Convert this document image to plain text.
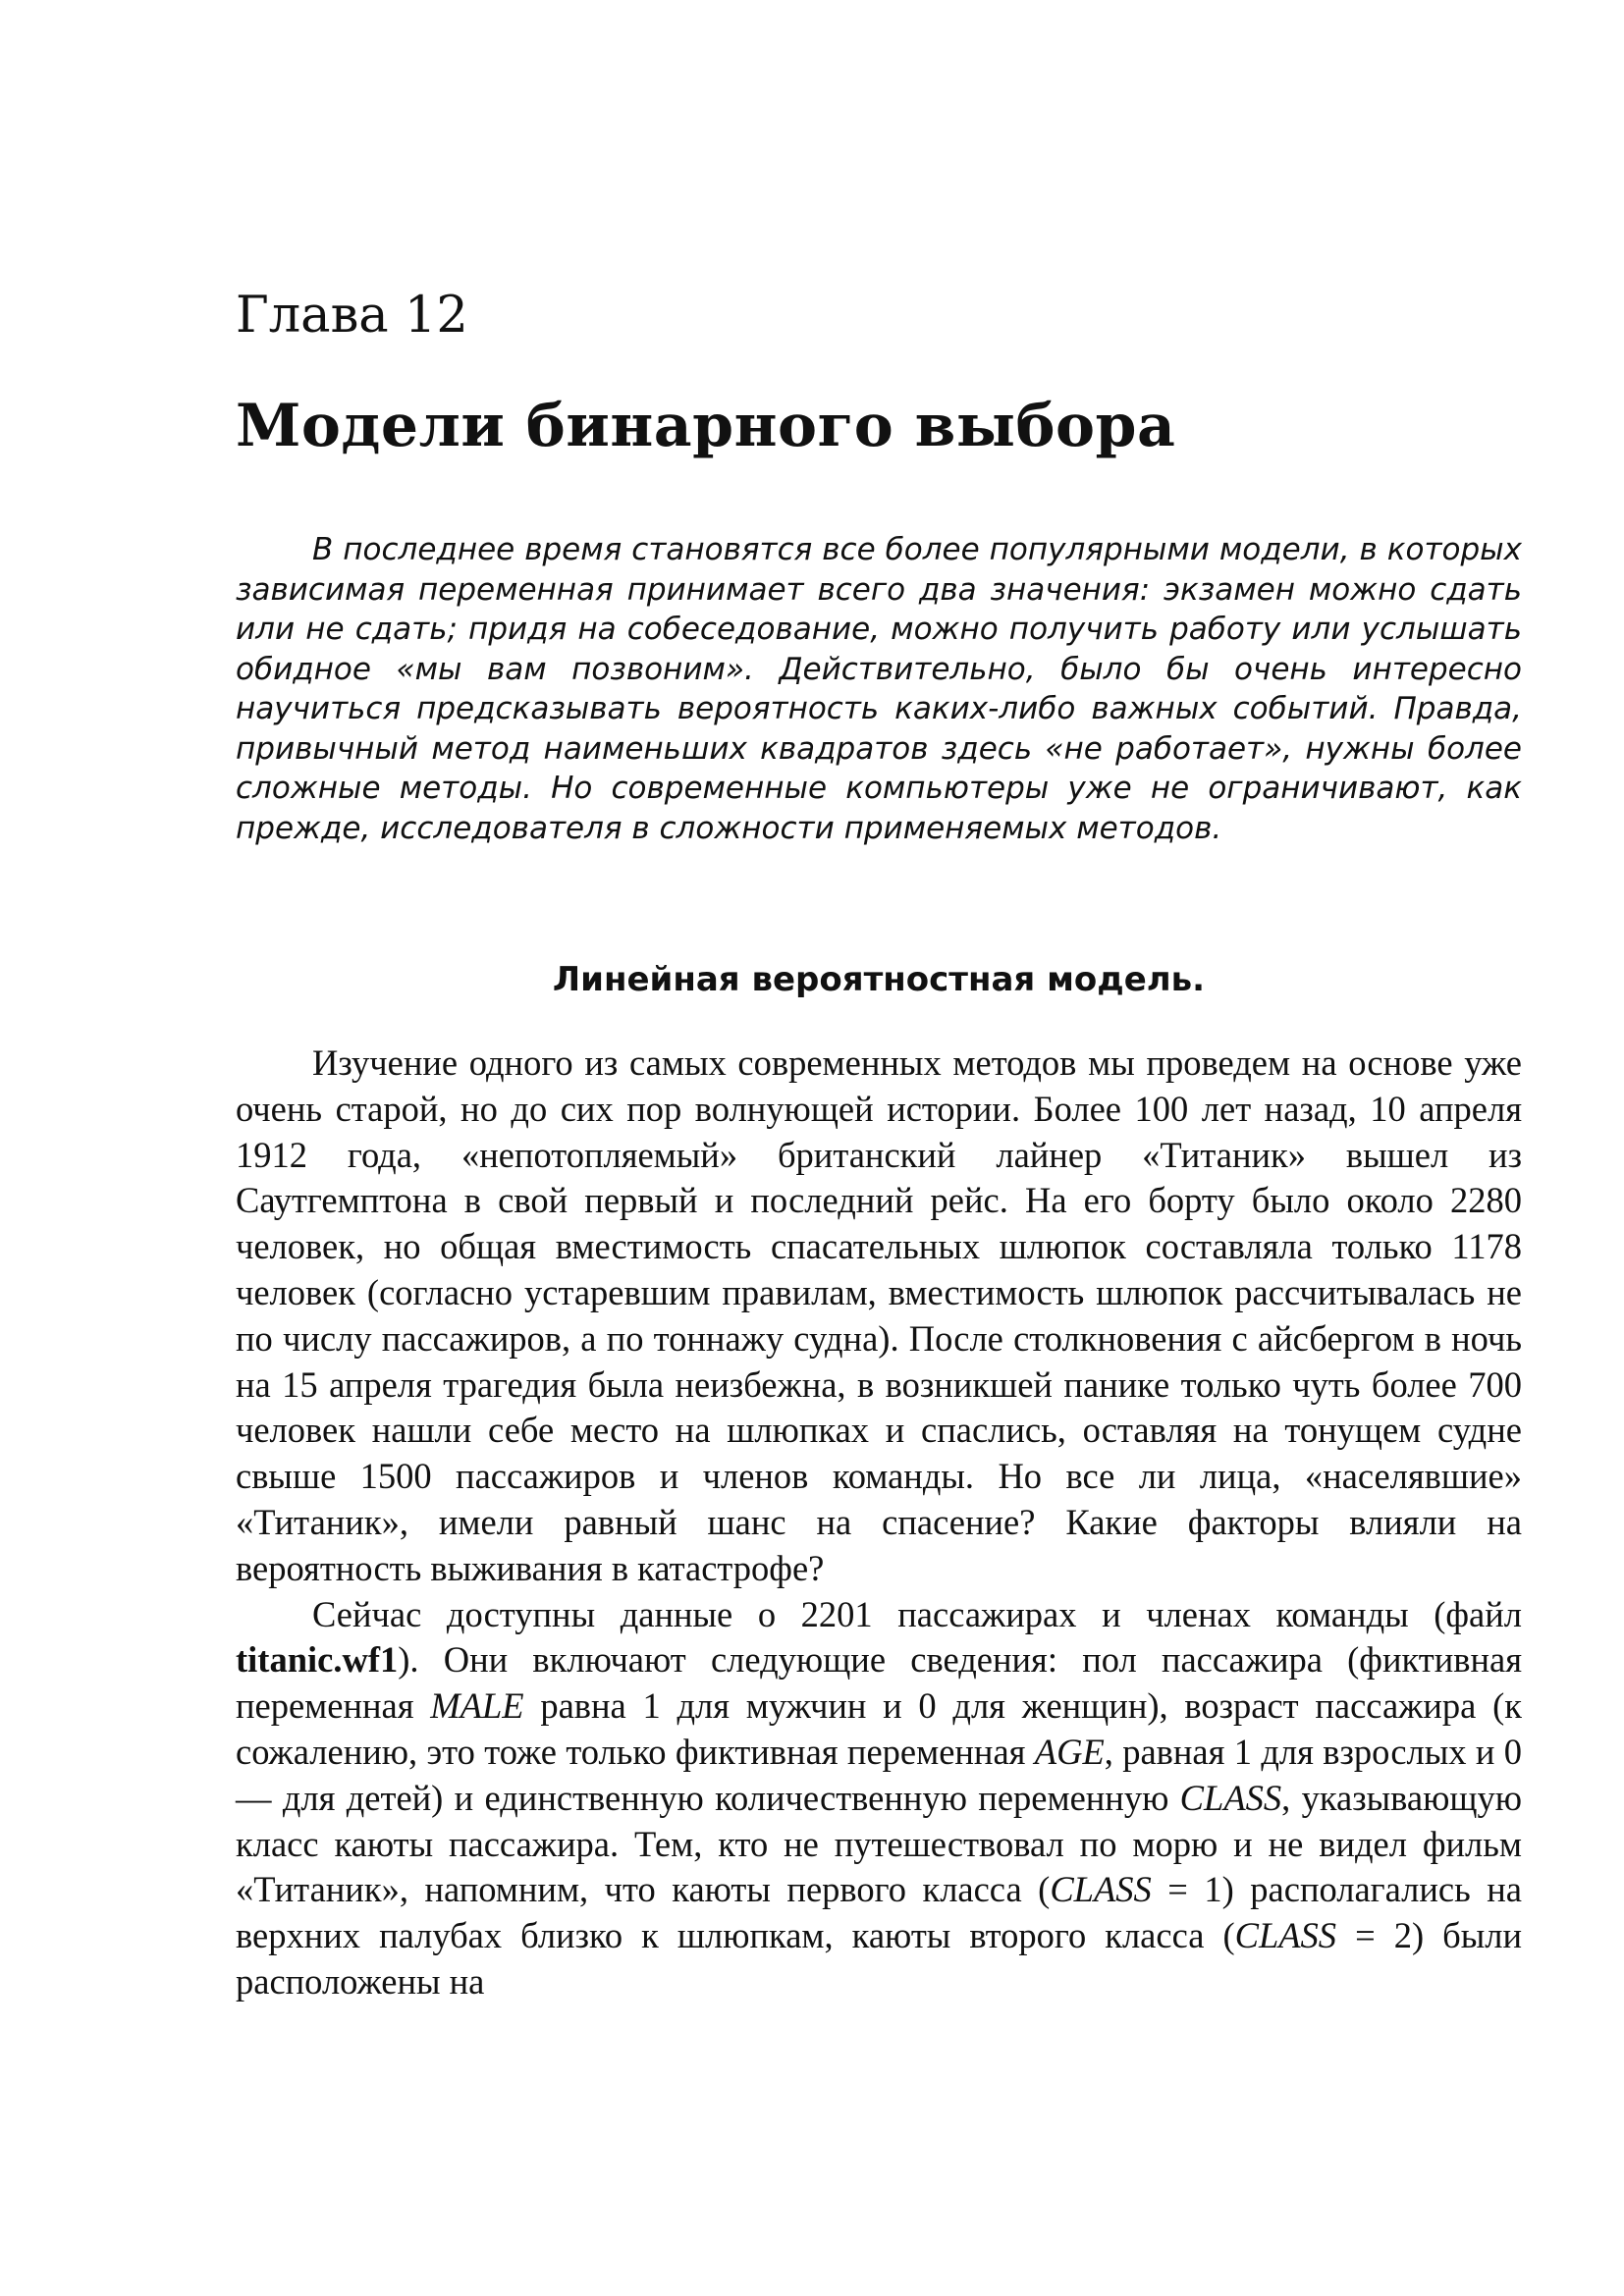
Глава 12
Модели бинарного выбора

В последнее время становятся все более популярными модели, в которых зависимая переменная принимает всего два значения: экзамен можно сдать или не сдать; придя на собеседование, можно получить работу или услышать обидное «мы вам позвоним». Действительно, было бы очень интересно научиться предсказывать вероятность каких-либо важных событий. Правда, привычный метод наименьших квадратов здесь «не работает», нужны более сложные методы. Но современные компьютеры уже не ограничивают, как прежде, исследователя в сложности применяемых методов.

Линейная вероятностная модель.

Изучение одного из самых современных методов мы проведем на основе уже очень старой, но до сих пор волнующей истории. Более 100 лет назад, 10 апреля 1912 года, «непотопляемый» британский лайнер «Титаник» вышел из Саутгемптона в свой первый и последний рейс. На его борту было около 2280 человек, но общая вместимость спасательных шлюпок составляла только 1178 человек (согласно устаревшим правилам, вместимость шлюпок рассчитывалась не по числу пассажиров, а по тоннажу судна). После столкновения с айсбергом в ночь на 15 апреля трагедия была неизбежна, в возникшей панике только чуть более 700 человек нашли себе место на шлюпках и спаслись, оставляя на тонущем судне свыше 1500 пассажиров и членов команды. Но все ли лица, «населявшие» «Титаник», имели равный шанс на спасение? Какие факторы влияли на вероятность выживания в катастрофе?

Сейчас доступны данные о 2201 пассажирах и членах команды (файл titanic.wf1). Они включают следующие сведения: пол пассажира (фиктивная переменная MALE равна 1 для мужчин и 0 для женщин), возраст пассажира (к сожалению, это тоже только фиктивная переменная AGE, равная 1 для взрослых и 0 — для детей) и единственную количественную переменную CLASS, указывающую класс каюты пассажира. Тем, кто не путешествовал по морю и не видел фильм «Титаник», напомним, что каюты первого класса (CLASS = 1) располагались на верхних палубах близко к шлюпкам, каюты второго класса (CLASS = 2) были расположены на
